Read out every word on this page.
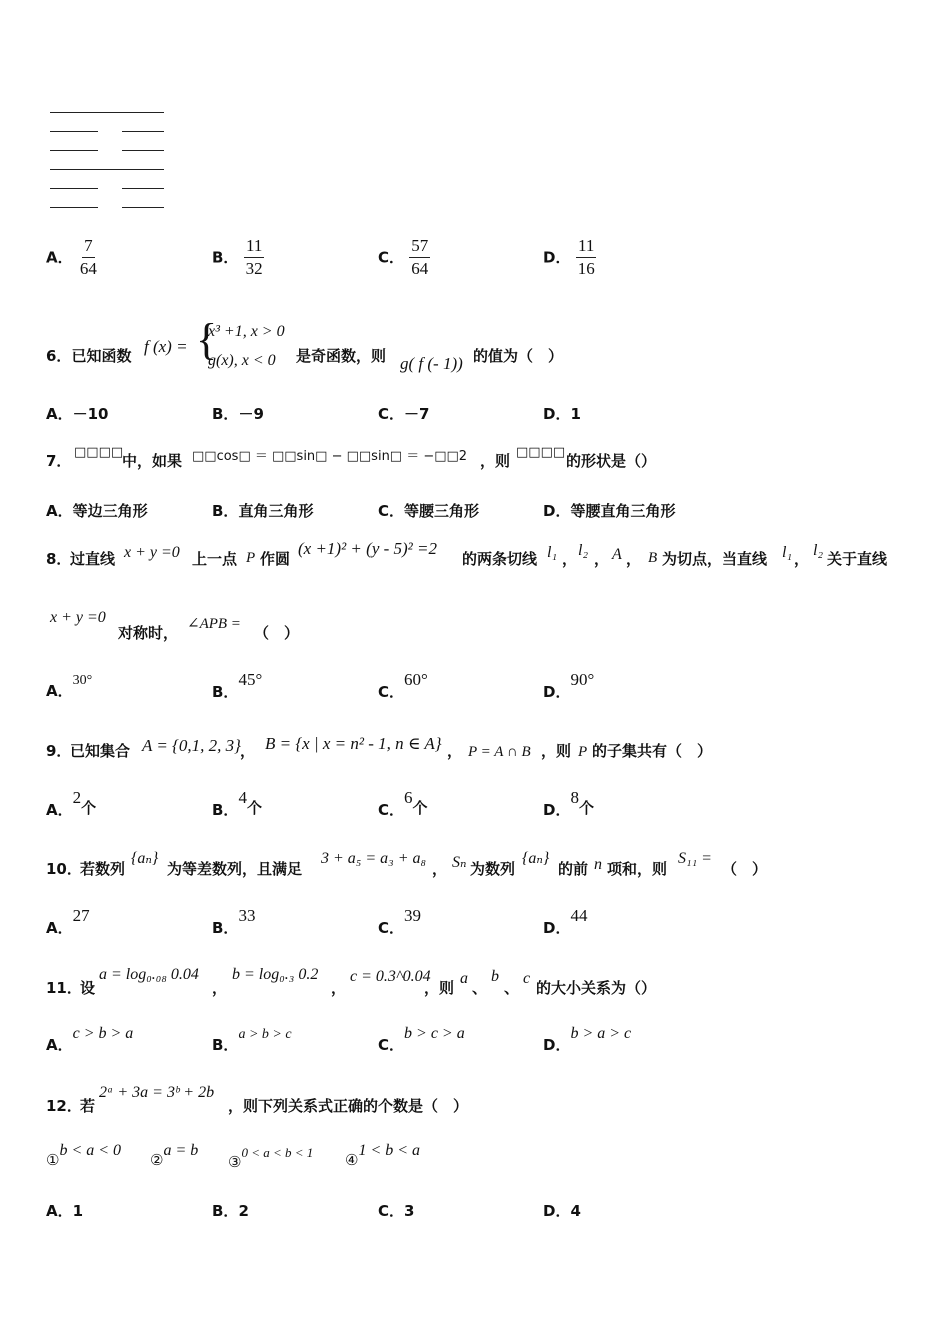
A． $\frac{7}{64}$	B． $\frac{11}{32}$	C． $\frac{57}{64}$	D． $\frac{11}{16}$
6．已知函数 f (x) = {
x³ +1, x > 0
g(x), x < 0 是奇函数，则 g( f (- 1)) 的值为（　）
A．－10	B．－9	C．－7	D．1
7． □□□□
中，如果 □□cos□ ＝ □□sin□ − □□sin□ ＝ −□□2 ，则 □□□□ 的形状是（）
A．等边三角形	B．直角三角形	C．等腰三角形	D．等腰直角三角形
8．
过直线 x + y =0 上一点 P 作圆
(x +1)² + (y - 5)² =2
的两条切线 l₁ ， l₂ ， A ， B 为切点，当直线 l₁ ， l₂ 关于直线
x + y =0
对称时， ∠APB = （　）
A．30°
B．45°
C．60°
D．90°
9．
已知集合 A = {0,1, 2, 3} ， B = {x | x = n² - 1, n ∈ A} ， P = A ∩ B ，则 P 的子集共有（　）
A．2个	B．4个	C．6个	D．8个
10．
若数列
{aₙ}
为等差数列，且满足
3 + a₅ = a₃ + a₈
， Sₙ 为数列
{aₙ}
的前 n 项和，则
S₁₁ =
（　）
A．27
B．33
C．39
D．44
11．
设
a = log₀.₀₈ 0.04
，
b = log₀.₃ 0.2
，
c = 0.3^0.04
，则
a
、
b
、
c
的大小关系为（）
A．c > b > a
B．a > b > c
C．b > c > a
D．b > a > c
12．
若
2ᵃ + 3a = 3ᵇ + 2b
，则下列关系式正确的个数是（　）
①b < a < 0
②a = b
③0 < a < b < 1 ④1 < b < a
A．1	B．2	C．3	D．4
